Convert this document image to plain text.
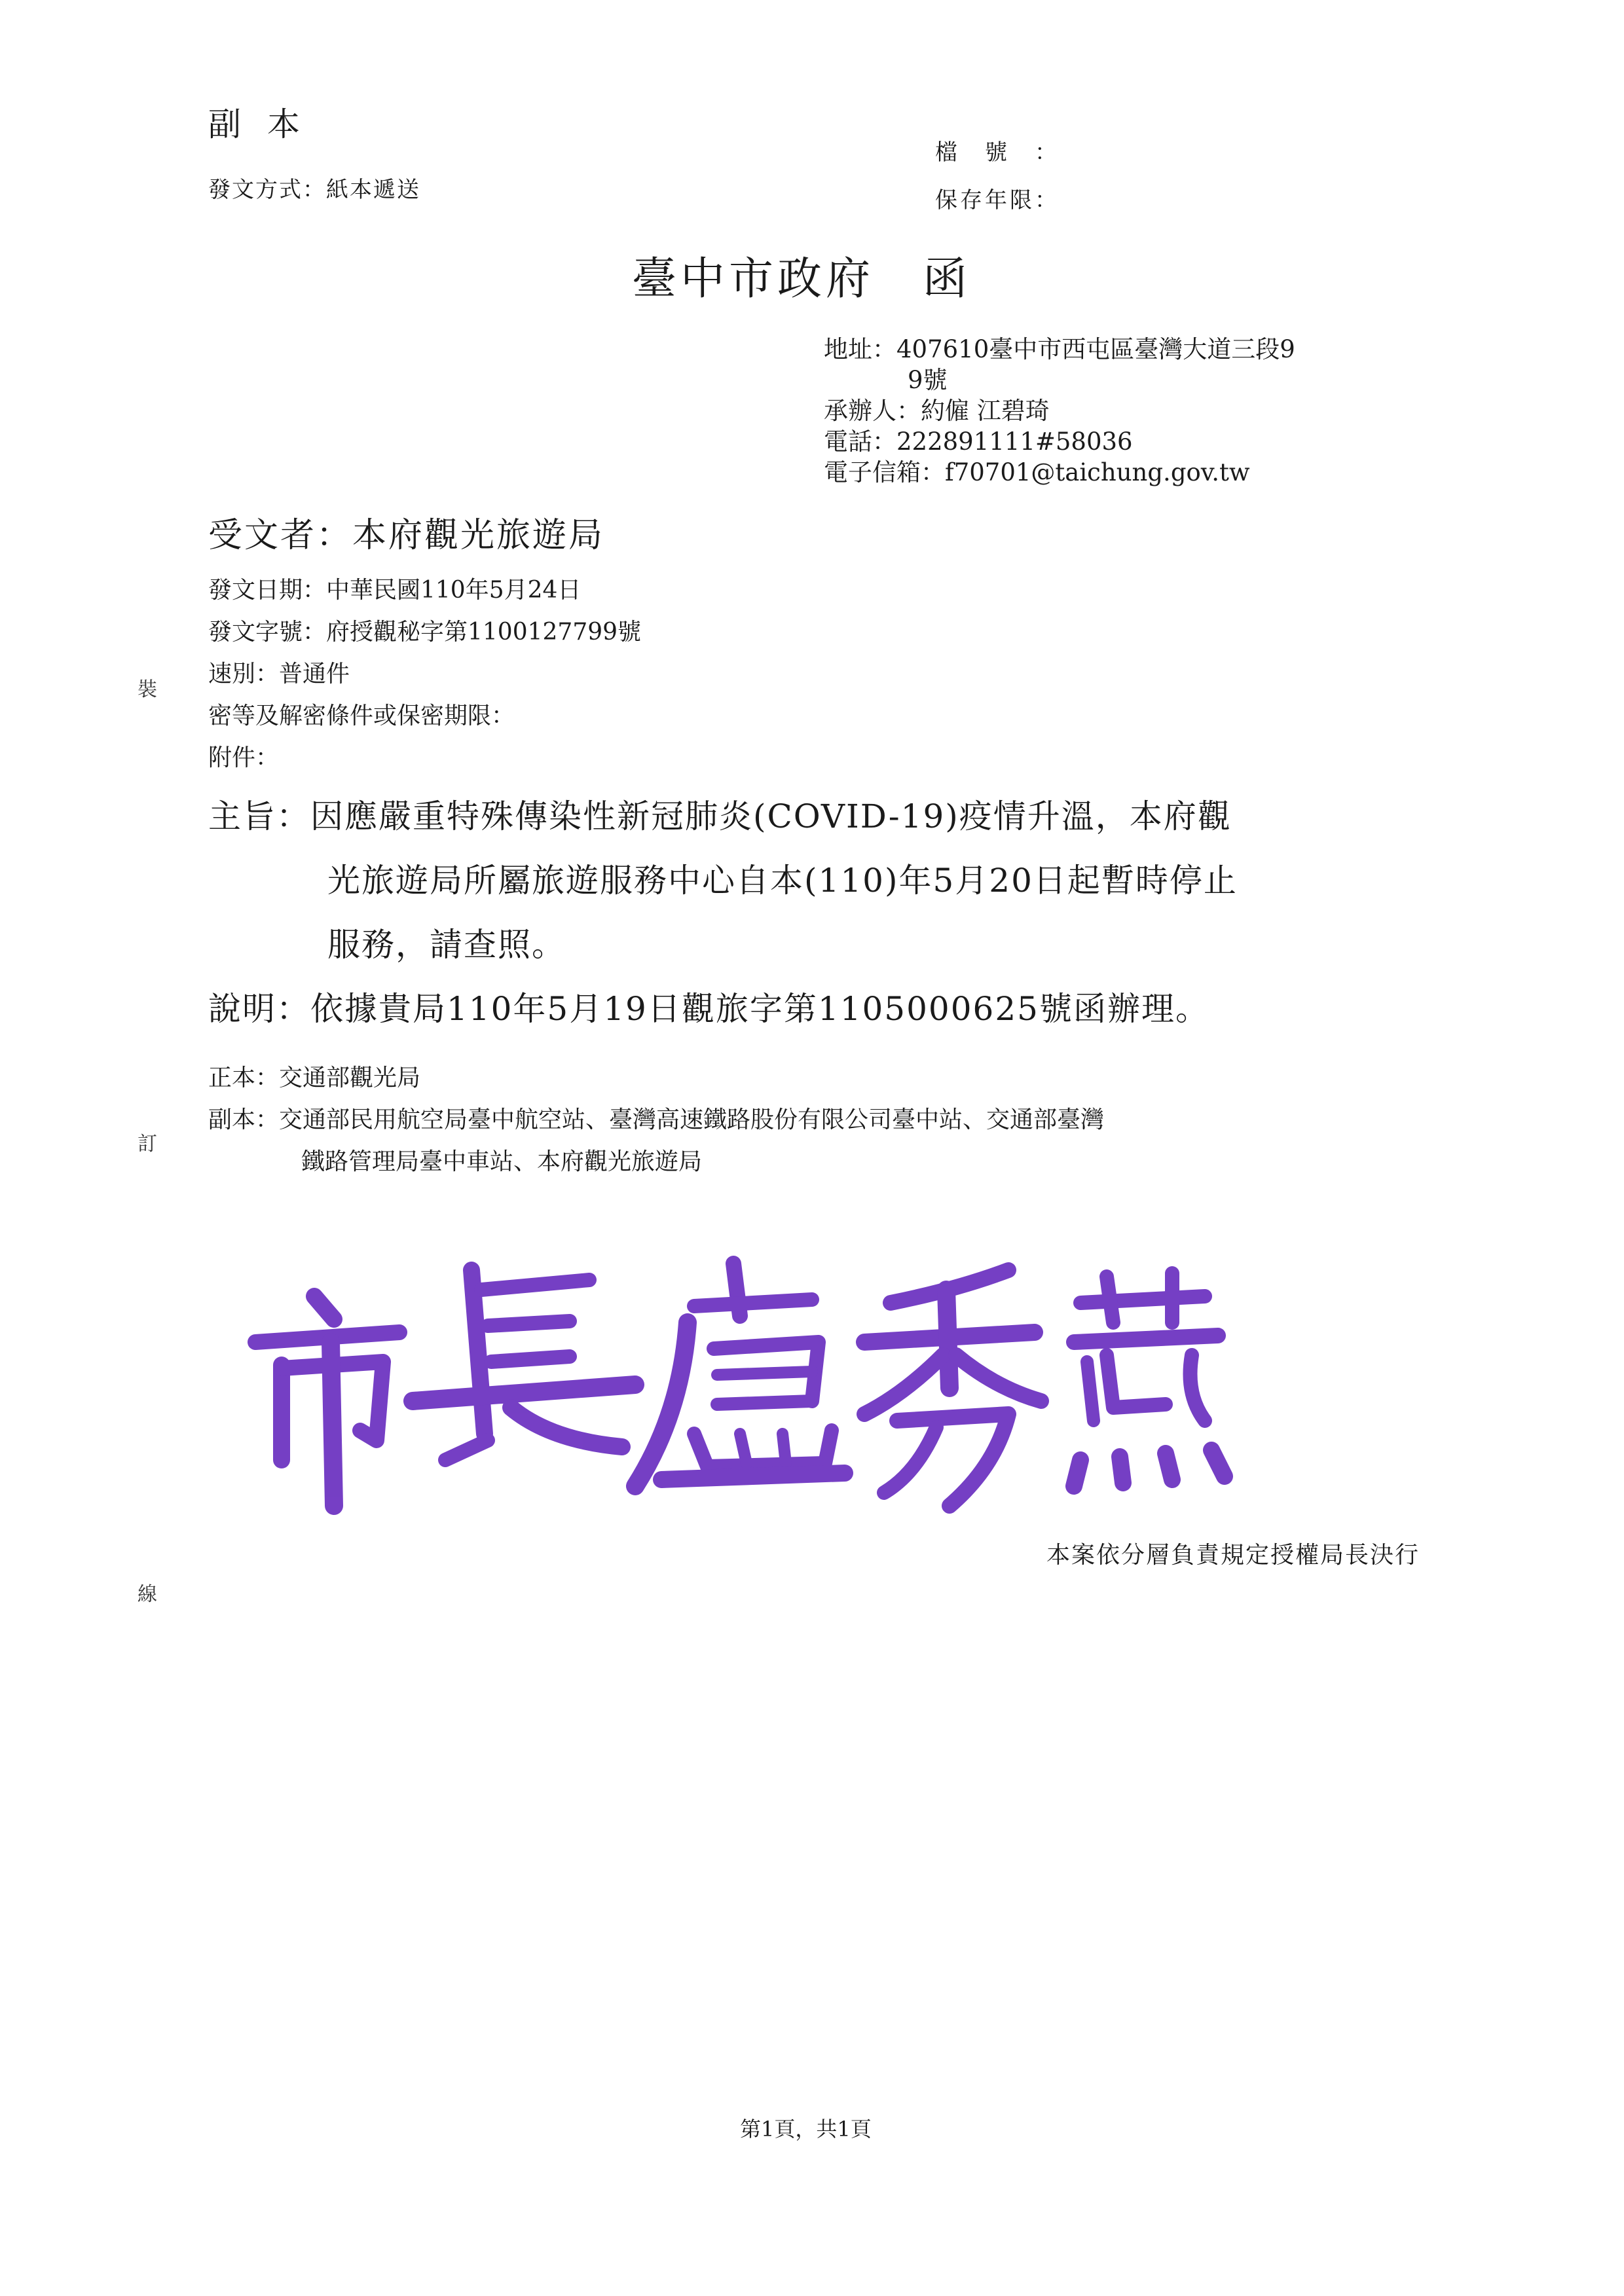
副本
發文方式：紙本遞送
檔號：
保存年限：
臺中市政府　函
地址：407610臺中市西屯區臺灣大道三段9
9號
承辦人：約僱 江碧琦
電話：222891111#58036
電子信箱：f70701@taichung.gov.tw
受文者：本府觀光旅遊局
發文日期：中華民國110年5月24日
發文字號：府授觀秘字第1100127799號
速別：普通件
密等及解密條件或保密期限：
附件：
裝
訂
線
主旨：因應嚴重特殊傳染性新冠肺炎(COVID-19)疫情升溫，本府觀
光旅遊局所屬旅遊服務中心自本(110)年5月20日起暫時停止
服務，請查照。
說明：依據貴局110年5月19日觀旅字第1105000625號函辦理。
正本：交通部觀光局
副本：交通部民用航空局臺中航空站、臺灣高速鐵路股份有限公司臺中站、交通部臺灣
鐵路管理局臺中車站、本府觀光旅遊局
本案依分層負責規定授權局長決行
第1頁，共1頁
